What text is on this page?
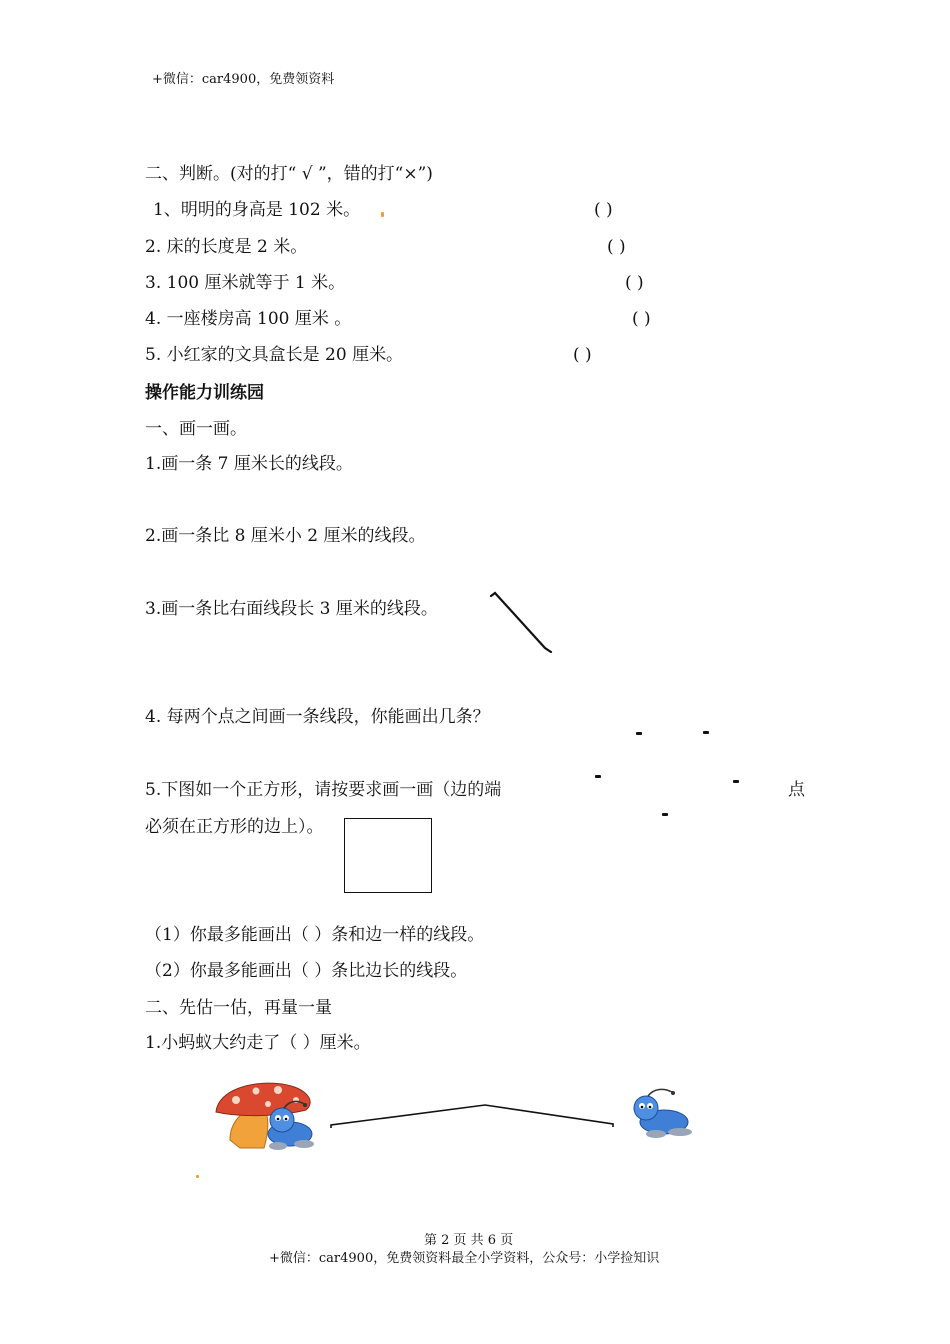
+微信：car4900，免费领资料
二、判断。(对的打“ √ ”，错的打“×”)
1、明明的身高是 102 米。	( )
2. 床的长度是 2 米。	( )
3. 100 厘米就等于 1 米。	( )
4. 一座楼房高 100 厘米 。	( )
5. 小红家的文具盒长是 20 厘米。	( )
操作能力训练园
一、画一画。
1.画一条 7 厘米长的线段。
2.画一条比 8 厘米小 2 厘米的线段。
3.画一条比右面线段长 3 厘米的线段。
4. 每两个点之间画一条线段，你能画出几条？
5.下图如一个正方形，请按要求画一画（边的端	点
必须在正方形的边上）。
（1）你最多能画出（ ）条和边一样的线段。
（2）你最多能画出（ ）条比边长的线段。
二、先估一估，再量一量
1.小蚂蚁大约走了（ ）厘米。
第 2 页 共 6 页
+微信：car4900，免费领资料最全小学资料，公众号：小学捡知识
